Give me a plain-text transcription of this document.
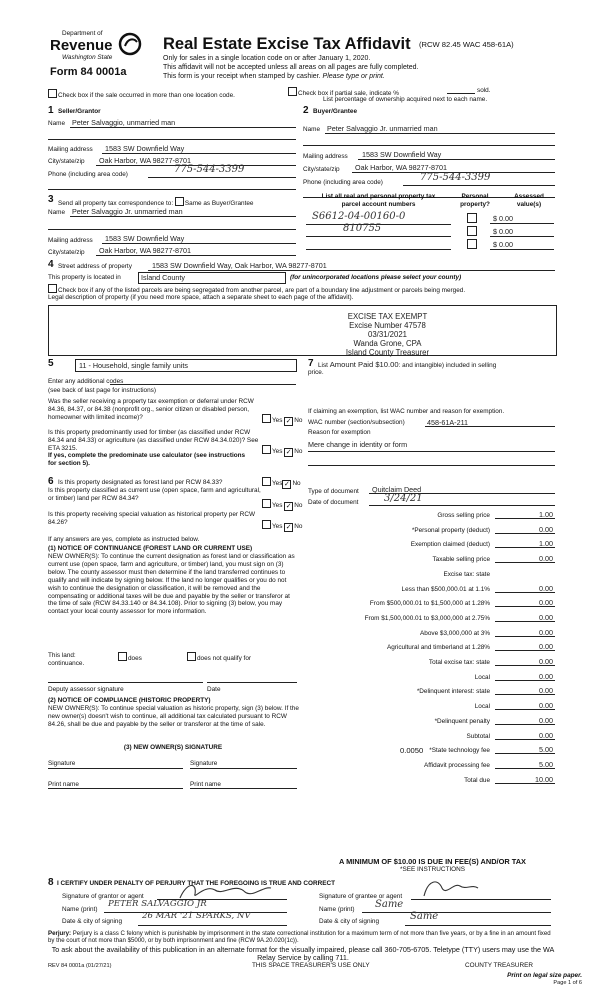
Department of
Revenue
Washington State
Form 84 0001a
Real Estate Excise Tax Affidavit (RCW 82.45 WAC 458-61A)
Only for sales in a single location code on or after January 1, 2020.
This affidavit will not be accepted unless all areas on all pages are fully completed.
This form is your receipt when stamped by cashier. Please type or print.
Check box if the sale occurred in more than one location code.	Check box if partial sale, indicate %	sold.
List percentage of ownership acquired next to each name.
1 Seller/Grantor
Name Peter Salvaggio, unmarried man
Mailing address 1583 SW Downfield Way
City/state/zip Oak Harbor, WA 98277-8701
Phone (including area code)	775-544-3399
2 Buyer/Grantee
Name Peter Salvaggio Jr. unmarried man
Mailing address 1583 SW Downfield Way
City/state/zip Oak Harbor, WA 98277-8701
Phone (including area code)	775-544-3399
3 Send all property tax correspondence to: Same as Buyer/Grantee
Name Peter Salvaggio Jr. unmarried man
Mailing address 1583 SW Downfield Way
City/state/zip Oak Harbor, WA 98277-8701
List all real and personal property tax
parcel account numbers
Personal
property?
Assessed
value(s)
S6612-04-00160-0	$ 0.00
810755	$ 0.00
$ 0.00
4 Street address of property	1583 SW Downfield Way, Oak Harbor, WA 98277-8701
This property is located in	Island County	(for unincorporated locations please select your county)
Check box if any of the listed parcels are being segregated from another parcel, are part of a boundary line adjustment or parcels being merged.
Legal description of property (if you need more space, attach a separate sheet to each page of the affidavit).
EXCISE TAX EXEMPT
Excise Number 47578
03/31/2021
Wanda Grone, CPA
Island County Treasurer
5	11 - Household, single family units
Enter any additional codes
(see back of last page for instructions)
Was the seller receiving a property tax exemption or deferral under RCW 84.36, 84.37, or 84.38 (nonprofit org., senior citizen or disabled person, homeowner with limited income)?	Yes ✓ No
Is this property predominantly used for timber (as classified under RCW 84.34 and 84.33) or agriculture (as classified under RCW 84.34.020)? See ETA 3215.	Yes ✓ No
If yes, complete the predominate use calculator (see instructions for section 5).
6 Is this property designated as forest land per RCW 84.33?	Yes ✓ No
Is this property classified as current use (open space, farm and agricultural, or timber) land per RCW 84.34?
Yes ✓ No
Is this property receiving special valuation as historical property per RCW 84.26?
Yes ✓ No
If any answers are yes, complete as instructed below.
(1) NOTICE OF CONTINUANCE (FOREST LAND OR CURRENT USE)
NEW OWNER(S): To continue the current designation as forest land or classification as current use (open space, farm and agriculture, or timber) land, you must sign on (3) below. The county assessor must then determine if the land transferred continues to qualify and will indicate by signing below. If the land no longer qualifies or you do not wish to continue the designation or classification, it will be removed and the compensating or additional taxes will be due and payable by the seller or transferor at the time of sale (RCW 84.33.140 or 84.34.108). Prior to signing (3) below, you may contact your local county assessor for more information.
This land:	does	does not qualify for
continuance.
Deputy assessor signature	Date
(2) NOTICE OF COMPLIANCE (HISTORIC PROPERTY)
NEW OWNER(S): To continue special valuation as historic property, sign (3) below. If the new owner(s) doesn't wish to continue, all additional tax calculated pursuant to RCW 84.26, shall be due and payable by the seller or transferor at the time of sale.
(3) NEW OWNER(S) SIGNATURE
Signature	Signature
Print name	Print name
7 List Amount Paid $10.00: and intangible) included in selling
price.
If claiming an exemption, list WAC number and reason for exemption.
WAC number (section/subsection)	458-61A-211
Reason for exemption
Mere change in identity or form
Type of document Quitclaim Deed
Date of document	3/24/21
Gross selling price	1.00
*Personal property (deduct)	0.00
Exemption claimed (deduct)	1.00
Taxable selling price	0.00
Excise tax: state
Less than $500,000.01 at 1.1%	0.00
From $500,000.01 to $1,500,000 at 1.28%	0.00
From $1,500,000.01 to $3,000,000 at 2.75%	0.00
Above $3,000,000 at 3%	0.00
Agricultural and timberland at 1.28%	0.00
Total excise tax: state	0.00
Local	0.00
*Delinquent interest: state	0.00
Local	0.00
*Delinquent penalty	0.00
Subtotal	0.00
*State technology fee	5.00
Affidavit processing fee	5.00
Total due	10.00
0.0050
A MINIMUM OF $10.00 IS DUE IN FEE(S) AND/OR TAX
*SEE INSTRUCTIONS
8 I CERTIFY UNDER PENALTY OF PERJURY THAT THE FOREGOING IS TRUE AND CORRECT
Signature of grantor or agent	Signature of grantee or agent
Name (print)
PETER SALVAGGIO JR
Name (print) Same
Date & city of signing
26 MAR '21 SPARKS, NV
Date & city of signing	Same
Perjury: Perjury is a class C felony which is punishable by imprisonment in the state correctional institution for a maximum term of not more than five years, or by a fine in an amount fixed by the court of not more than $5000, or by both imprisonment and fine (RCW 9A.20.020(1c)).
To ask about the availability of this publication in an alternate format for the visually impaired, please call 360-705-6705. Teletype (TTY) users may use the WA Relay Service by calling 711.
REV 84 0001a (01/27/21)	THIS SPACE TREASURER'S USE ONLY	COUNTY TREASURER
Print on legal size paper.
Page 1 of 6
